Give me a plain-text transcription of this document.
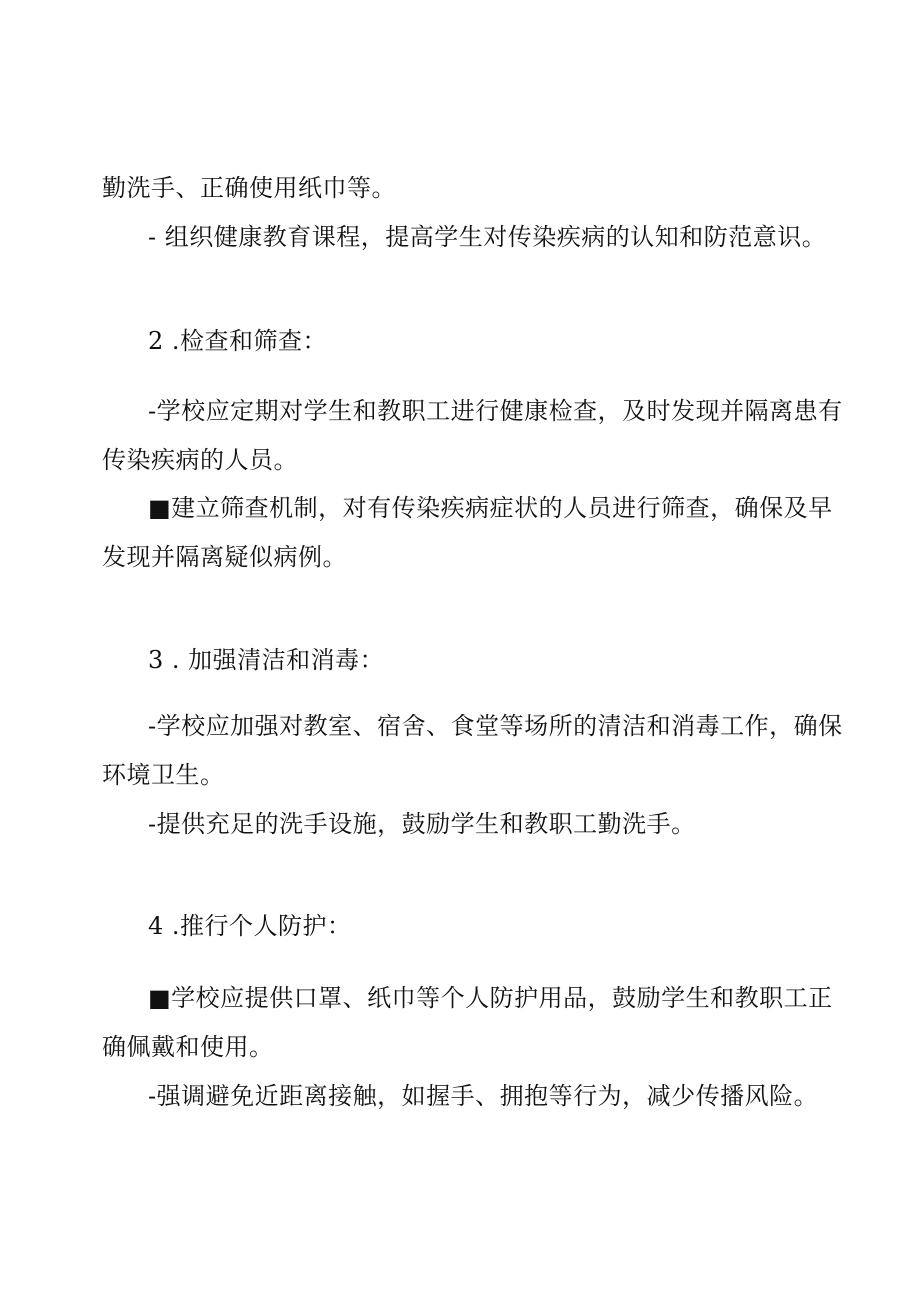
勤洗手、正确使用纸巾等。
- 组织健康教育课程，提高学生对传染疾病的认知和防范意识。
2 .检查和筛查：
-学校应定期对学生和教职工进行健康检查，及时发现并隔离患有
传染疾病的人员。
■建立筛查机制，对有传染疾病症状的人员进行筛查，确保及早
发现并隔离疑似病例。
3 . 加强清洁和消毒：
-学校应加强对教室、宿舍、食堂等场所的清洁和消毒工作，确保
环境卫生。
-提供充足的洗手设施，鼓励学生和教职工勤洗手。
4 .推行个人防护：
■学校应提供口罩、纸巾等个人防护用品，鼓励学生和教职工正
确佩戴和使用。
-强调避免近距离接触，如握手、拥抱等行为，减少传播风险。
